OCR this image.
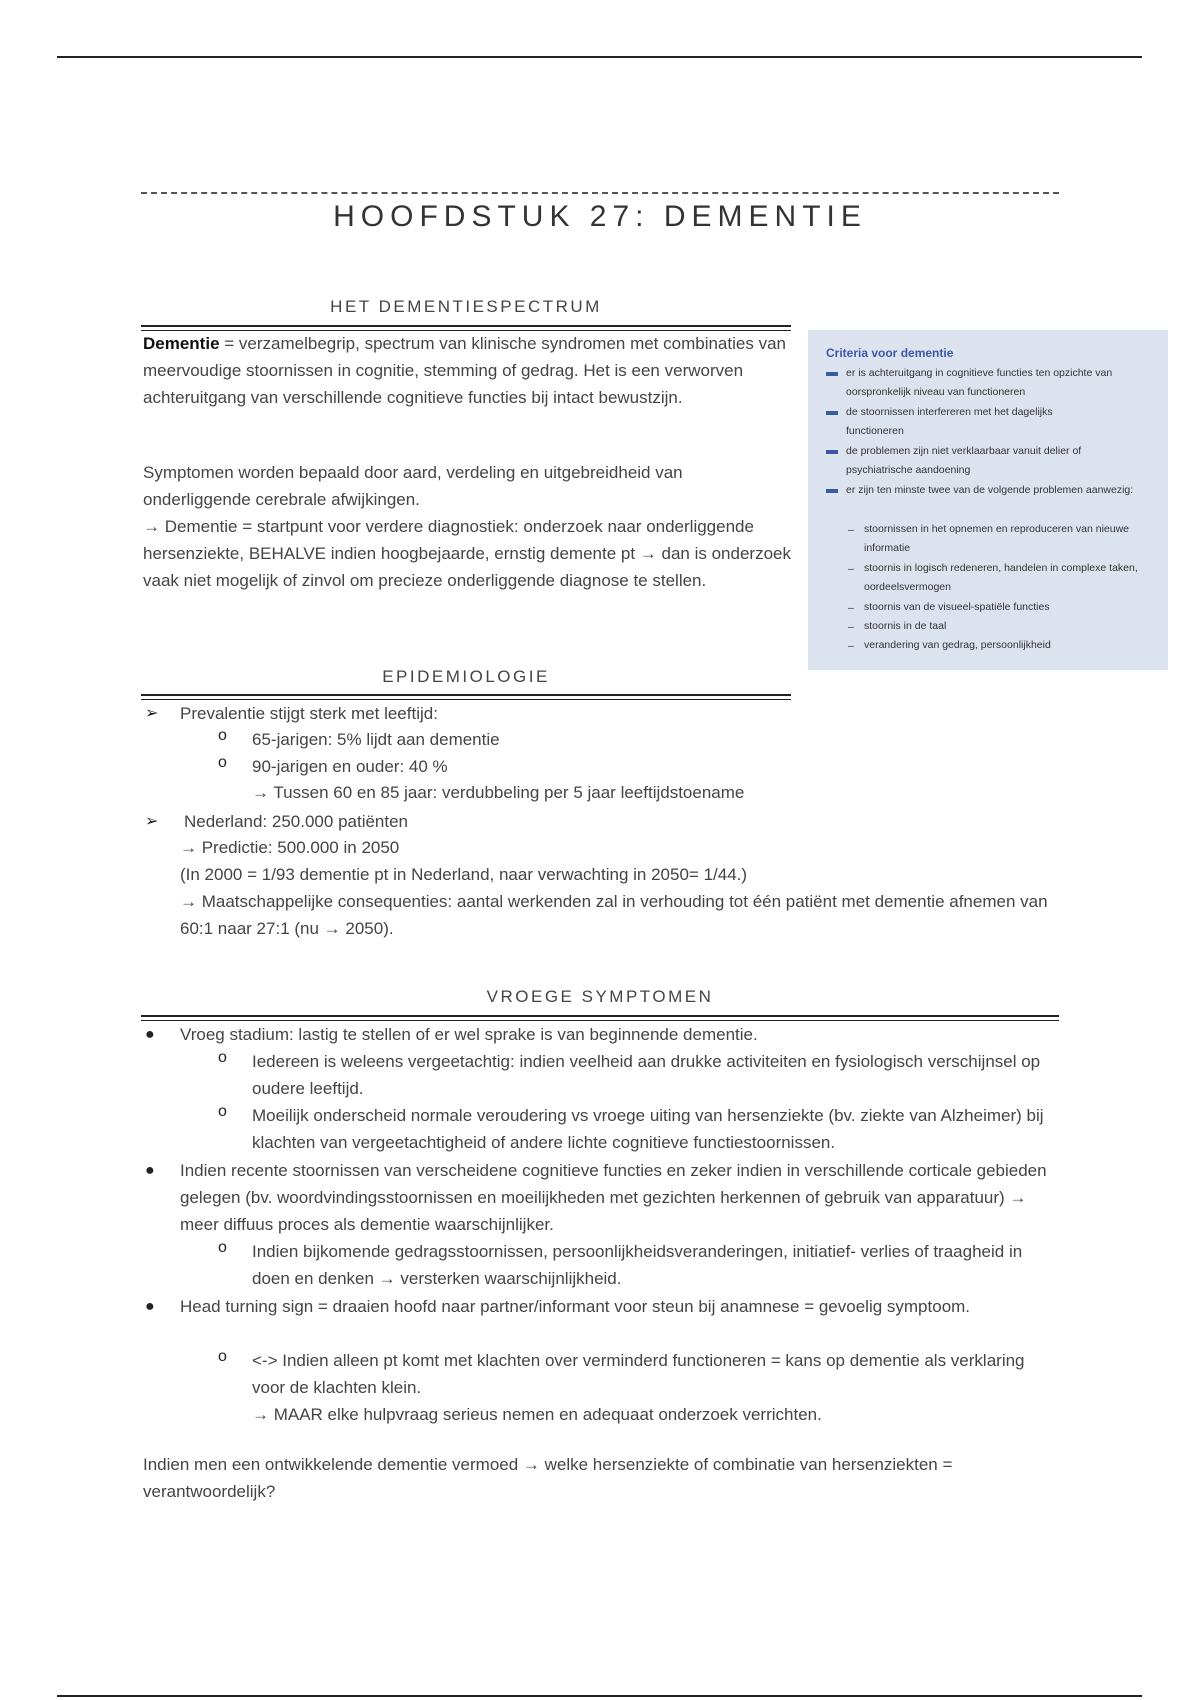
HOOFDSTUK 27: DEMENTIE
HET DEMENTIESPECTRUM

Dementie = verzamelbegrip, spectrum van klinische syndromen met combinaties van meervoudige stoornissen in cognitie, stemming of gedrag. Het is een verworven achteruitgang van verschillende cognitieve functies bij intact bewustzijn.

Symptomen worden bepaald door aard, verdeling en uitgebreidheid van onderliggende cerebrale afwijkingen.

→ Dementie = startpunt voor verdere diagnostiek: onderzoek naar onderliggende hersenziekte, BEHALVE indien hoogbejaarde, ernstig demente pt → dan is onderzoek vaak niet mogelijk of zinvol om precieze onderliggende diagnose te stellen.

Criteria voor dementie
er is achteruitgang in cognitieve functies ten opzichte van oorspronkelijk niveau van functioneren
de stoornissen interfereren met het dagelijks functioneren
de problemen zijn niet verklaarbaar vanuit delier of psychiatrische aandoening
er zijn ten minste twee van de volgende problemen aanwezig:
– stoornissen in het opnemen en reproduceren van nieuwe informatie
– stoornis in logisch redeneren, handelen in complexe taken, oordeelsvermogen
– stoornis van de visueel-spatiële functies
– stoornis in de taal
– verandering van gedrag, persoonlijkheid
EPIDEMIOLOGIE
➢ Prevalentie stijgt sterk met leeftijd:
o 65-jarigen: 5% lijdt aan dementie
o 90-jarigen en ouder: 40 %
→ Tussen 60 en 85 jaar: verdubbeling per 5 jaar leeftijdstoename
➢ Nederland: 250.000 patiënten
→ Predictie: 500.000 in 2050
(In 2000 = 1/93 dementie pt in Nederland, naar verwachting in 2050= 1/44.)
→ Maatschappelijke consequenties: aantal werkenden zal in verhouding tot één patiënt met dementie afnemen van 60:1 naar 27:1 (nu → 2050).
VROEGE SYMPTOMEN
● Vroeg stadium: lastig te stellen of er wel sprake is van beginnende dementie.
o Iedereen is weleens vergeetachtig: indien veelheid aan drukke activiteiten en fysiologisch verschijnsel op oudere leeftijd.
o Moeilijk onderscheid normale veroudering vs vroege uiting van hersenziekte (bv. ziekte van Alzheimer) bij klachten van vergeetachtigheid of andere lichte cognitieve functiestoornissen.
● Indien recente stoornissen van verscheidene cognitieve functies en zeker indien in verschillende corticale gebieden gelegen (bv. woordvindingsstoornissen en moeilijkheden met gezichten herkennen of gebruik van apparatuur) → meer diffuus proces als dementie waarschijnlijker.
o Indien bijkomende gedragsstoornissen, persoonlijkheidsveranderingen, initiatief- verlies of traagheid in doen en denken → versterken waarschijnlijkheid.
● Head turning sign = draaien hoofd naar partner/informant voor steun bij anamnese = gevoelig symptoom.
o <-> Indien alleen pt komt met klachten over verminderd functioneren = kans op dementie als verklaring voor de klachten klein.
→ MAAR elke hulpvraag serieus nemen en adequaat onderzoek verrichten.

Indien men een ontwikkelende dementie vermoed → welke hersenziekte of combinatie van hersenziekten = verantwoordelijk?
